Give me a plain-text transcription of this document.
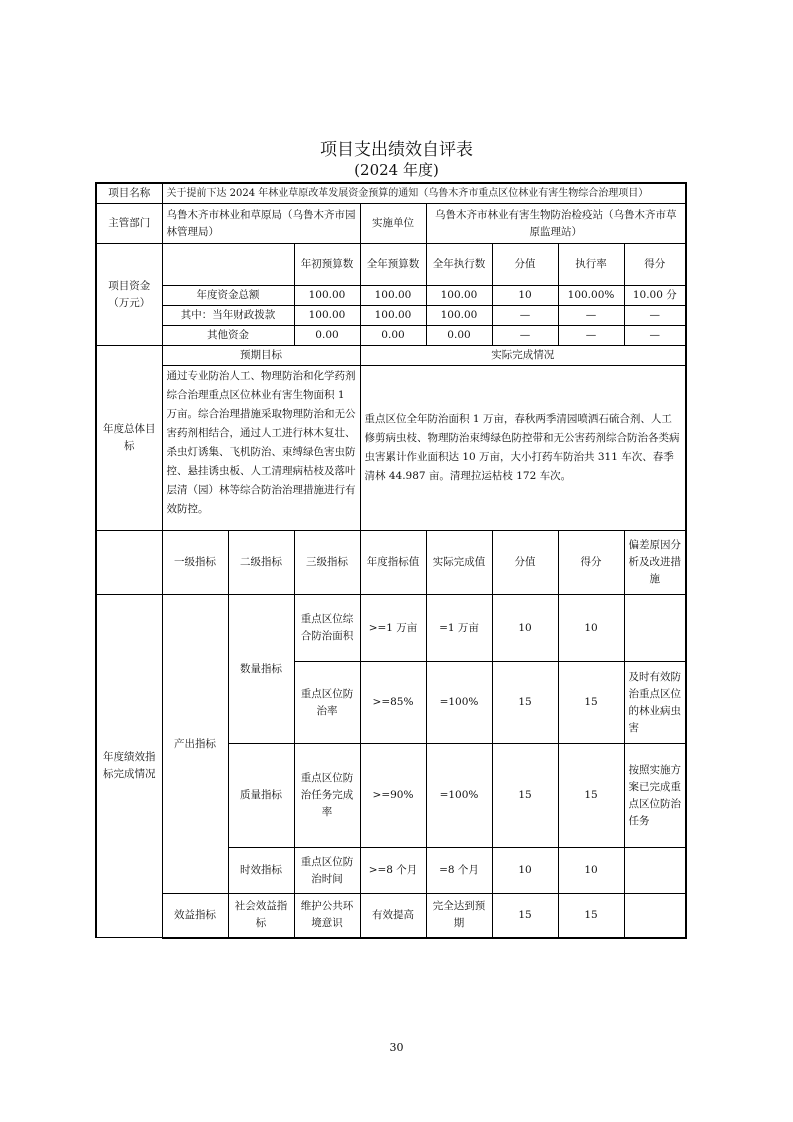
项目支出绩效自评表
(2024 年度)
项目名称	关于提前下达 2024 年林业草原改革发展资金预算的通知（乌鲁木齐市重点区位林业有害生物综合治理项目）							
主管部门	乌鲁木齐市林业和草原局（乌鲁木齐市园林管理局）			实施单位	乌鲁木齐市林业有害生物防治检疫站（乌鲁木齐市草原监理站）			
项目资金（万元）			年初预算数	全年预算数	全年执行数	分值	执行率	得分
	年度资金总额		100.00	100.00	100.00	10	100.00%	10.00 分
	其中：当年财政拨款		100.00	100.00	100.00	—	—	—
	其他资金		0.00	0.00	0.00	—	—	—
年度总体目标	预期目标			实际完成情况				
	通过专业防治人工、物理防治和化学药剂综合治理重点区位林业有害生物面积 1 万亩。综合治理措施采取物理防治和无公害药剂相结合，通过人工进行林木复壮、杀虫灯诱集、飞机防治、束缚绿色害虫防控、悬挂诱虫板、人工清理病枯枝及落叶层清（园）林等综合防治治理措施进行有效防控。			重点区位全年防治面积 1 万亩，春秋两季清园喷洒石硫合剂、人工修剪病虫枝、物理防治束缚绿色防控带和无公害药剂综合防治各类病虫害累计作业面积达 10 万亩，大小打药车防治共 311 车次、春季清林 44.987 亩。清理拉运枯枝 172 车次。				
	一级指标	二级指标	三级指标	年度指标值	实际完成值	分值	得分	偏差原因分析及改进措施
年度绩效指标完成情况	产出指标	数量指标	重点区位综合防治面积	>=1 万亩	=1 万亩	10	10	
			重点区位防治率	>=85%	=100%	15	15	及时有效防治重点区位的林业病虫害
		质量指标	重点区位防治任务完成率	>=90%	=100%	15	15	按照实施方案已完成重点区位防治任务
		时效指标	重点区位防治时间	>=8 个月	=8 个月	10	10	
	效益指标	社会效益指标	维护公共环境意识	有效提高	完全达到预期	15	15	
30
